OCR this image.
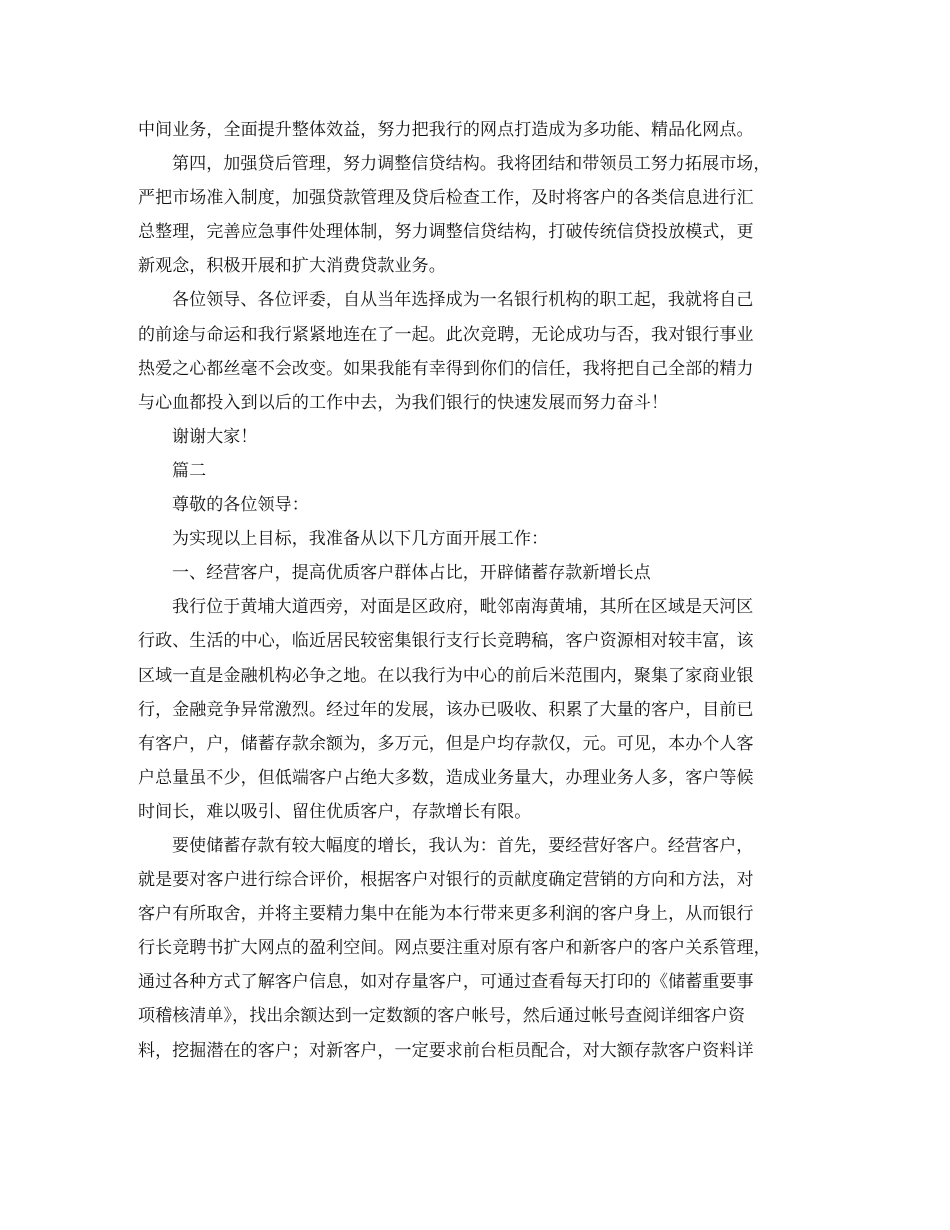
中间业务，全面提升整体效益，努力把我行的网点打造成为多功能、精品化网点。
第四，加强贷后管理，努力调整信贷结构。我将团结和带领员工努力拓展市场，
严把市场准入制度，加强贷款管理及贷后检查工作，及时将客户的各类信息进行汇
总整理，完善应急事件处理体制，努力调整信贷结构，打破传统信贷投放模式，更
新观念，积极开展和扩大消费贷款业务。
各位领导、各位评委，自从当年选择成为一名银行机构的职工起，我就将自己
的前途与命运和我行紧紧地连在了一起。此次竞聘，无论成功与否，我对银行事业
热爱之心都丝毫不会改变。如果我能有幸得到你们的信任，我将把自己全部的精力
与心血都投入到以后的工作中去，为我们银行的快速发展而努力奋斗！
谢谢大家！
篇二
尊敬的各位领导：
为实现以上目标，我准备从以下几方面开展工作：
一、经营客户，提高优质客户群体占比，开辟储蓄存款新增长点
我行位于黄埔大道西旁，对面是区政府，毗邻南海黄埔，其所在区域是天河区
行政、生活的中心，临近居民较密集银行支行长竞聘稿，客户资源相对较丰富，该
区域一直是金融机构必争之地。在以我行为中心的前后米范围内，聚集了家商业银
行，金融竞争异常激烈。经过年的发展，该办已吸收、积累了大量的客户，目前已
有客户，户，储蓄存款余额为，多万元，但是户均存款仅，元。可见，本办个人客
户总量虽不少，但低端客户占绝大多数，造成业务量大，办理业务人多，客户等候
时间长，难以吸引、留住优质客户，存款增长有限。
要使储蓄存款有较大幅度的增长，我认为：首先，要经营好客户。经营客户，
就是要对客户进行综合评价，根据客户对银行的贡献度确定营销的方向和方法，对
客户有所取舍，并将主要精力集中在能为本行带来更多利润的客户身上，从而银行
行长竞聘书扩大网点的盈利空间。网点要注重对原有客户和新客户的客户关系管理，
通过各种方式了解客户信息，如对存量客户，可通过查看每天打印的《储蓄重要事
项稽核清单》，找出余额达到一定数额的客户帐号，然后通过帐号查阅详细客户资
料，挖掘潜在的客户；对新客户，一定要求前台柜员配合，对大额存款客户资料详
